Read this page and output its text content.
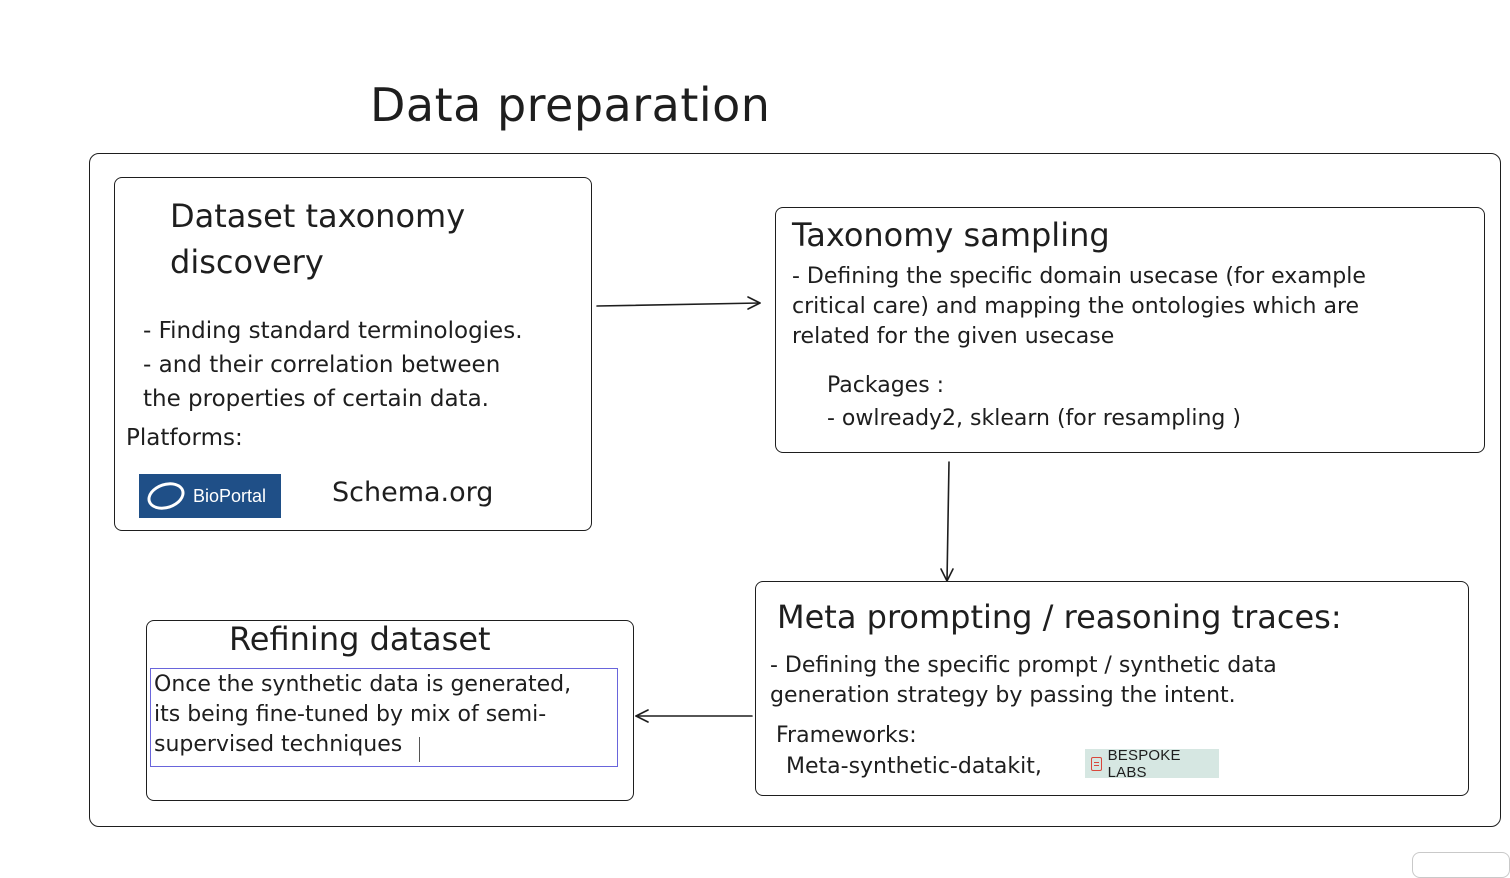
Data preparation
Dataset taxonomy
discovery
- Finding standard terminologies.
- and their correlation between
the properties of certain data.
Platforms:
BioPortal Schema.org
Taxonomy sampling
- Defining the specific domain usecase (for example
critical care) and mapping the ontologies which are
related for the given usecase
Packages :
- owlready2, sklearn (for resampling )
Meta prompting / reasoning traces:
- Defining the specific prompt / synthetic data
generation strategy by passing the intent.
Frameworks:
Meta-synthetic-datakit,	BESPOKE LABS
Refining dataset
Once the synthetic data is generated,
its being fine-tuned by mix of semi-
supervised techniques
